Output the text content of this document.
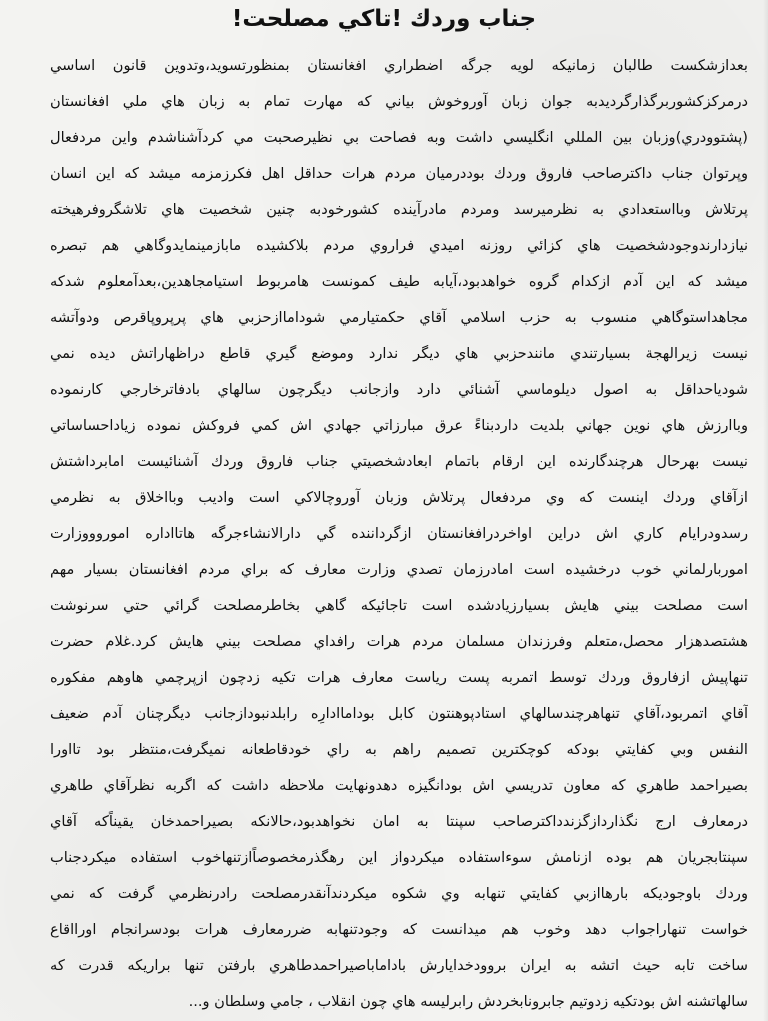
جناب وردك !تاكي مصلحت!
بعدازشكست طالبان زمانيكه لويه جرگه اضطراري افغانستان بمنظورتسويد،وتدوين قانون اساسي
درمركزكشوربرگذارگرديدبه جوان زبان آوروخوش بياني كه مهارت تمام به زبان هاي ملي افغانستان
(پشتوودري)وزبان بين المللي انگليسي داشت وبه فصاحت بي نظيرصحبت مي كردآشناشدم واين مردفعال
وپرتوان جناب داكترصاحب فاروق وردك بوددرميان مردم هرات حداقل اهل فكرزمزمه ميشد كه اين انسان
پرتلاش وبااستعدادي به نظرميرسد ومردم مادرآينده كشورخودبه چنين شخصيت هاي تلاشگروفرهيخته
نيازدارندوجودشخصيت هاي كزائي روزنه اميدي فراروي مردم بلاكشيده مابازمينمايدوگاهي هم تبصره
ميشد كه اين آدم ازكدام گروه خواهدبود،آيابه طيف كمونست هامربوط استيامجاهدين،بعدآمعلوم شدكه
مجاهداستوگاهي منسوب به حزب اسلامي آقاي حكمتيارمي شوداماازحزبي هاي پرپروپاقرص ودوآتشه
نيست زيرالهجة بسيارتندي مانندحزبي هاي ديگر ندارد وموضع گيري قاطع دراظهاراتش ديده نمي
شودياحداقل به اصول ديلوماسي آشنائي دارد وازجانب ديگرچون سالهاي بادفاترخارجي كارنموده
وباارزش هاي نوين جهاني بلديت داردبناءً عرق مبارزاتي جهادي اش كمي فروكش نموده زياداحساساتي
نيست بهرحال هرچندگارنده اين ارقام باتمام ابعادشخصيتي جناب فاروق وردك آشنائيست امابرداشتش
ازآقاي وردك اينست كه وي مردفعال پرتلاش وزبان آوروچالاكي است واديب وبااخلاق به نظرمي
رسدودرايام كاري اش دراين اواخردرافغانستان ازگرداننده گي دارالانشاءجرگه هاتااداره اموروووزارت
اموربارلماني خوب درخشيده است امادرزمان تصدي وزارت معارف كه براي مردم افغانستان بسيار مهم
است مصلحت بيني هايش بسيارزيادشده است تاجائيكه گاهي بخاطرمصلحت گرائي حتي سرنوشت
هشتصدهزار محصل،متعلم وفرزندان مسلمان مردم هرات رافداي مصلحت بيني هايش كرد.غلام حضرت
تنهاپيش ازفاروق وردك توسط اتمربه پست رياست معارف هرات تكيه زدچون ازپرچمي هاوهم مفكوره
آقاي اتمربود،آقاي تنهاهرچندسالهاي استادپوهنتون كابل بوداماادارِه رابلدنبودازجانب ديگرچنان آدم ضعيف
النفس وبي كفايتي بودكه كوچكترين تصميم راهم به راي خودقاطعانه نميگرفت،منتظر بود تااورا
بصيراحمد طاهري كه معاون تدريسي اش بودانگيزه دهدونهايت ملاحظه داشت كه اگربه نظرآقاي طاهري
درمعارف ارج نگذاردازگزندداكترصاحب سپنتا به امان نخواهدبود،حالانكه بصيراحمدخان يقيناًكه آقاي
سپنتابجريان هم بوده ازنامش سوءاستفاده ميكردواز اين رهگذرمخصوصاًازتنهاخوب استفاده ميكردجناب
وردك باوجوديكه بارهاازبي كفايتي تنهابه وي شكوه ميكردندآنقدرمصلحت رادرنظرمي گرفت كه نمي
خواست تنهاراجواب دهد وخوب هم ميدانست كه وجودتنهابه ضررمعارف هرات بودسرانجام اورااقاع
ساخت تابه حيث اتشه به ايران بروودخدايارش باداماباصيراحمدطاهري بارفتن تنها براريكه قدرت كه
سالهاتشنه اش بودتكيه زدوتيم جابرونابخردش رابرليسه هاي چون انقلاب ، جامي وسلطان و...
